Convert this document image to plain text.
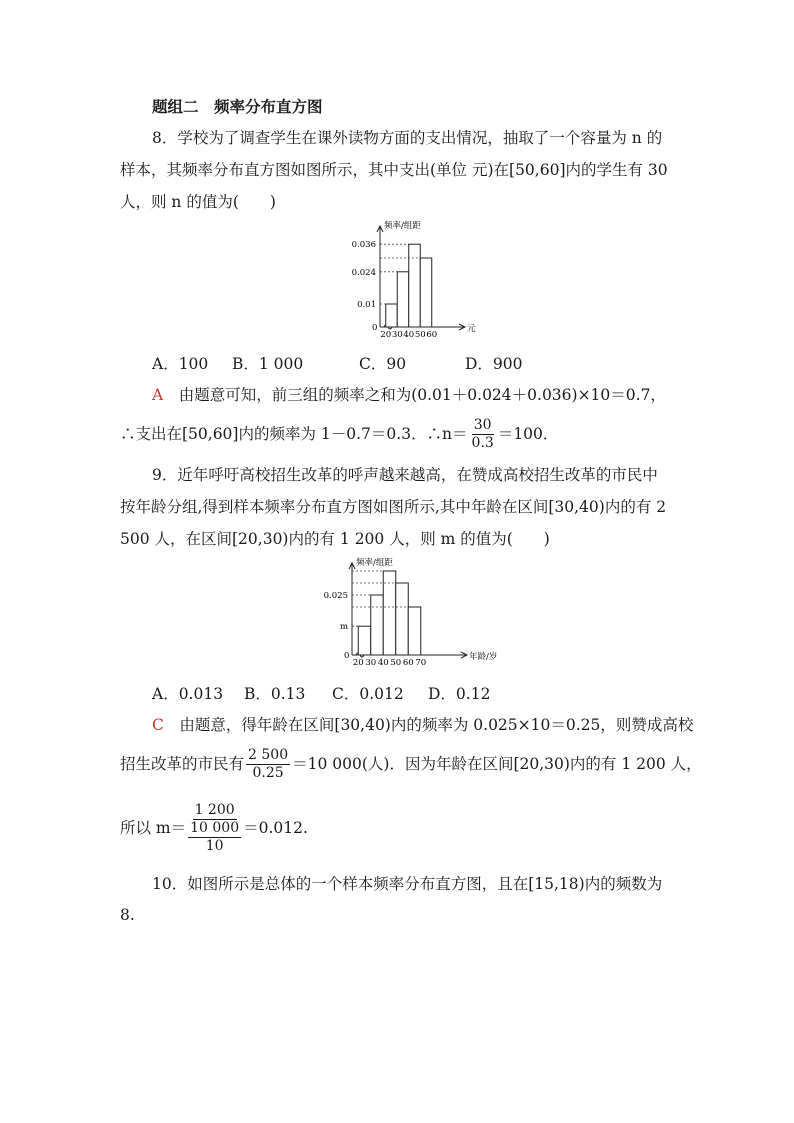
题组二　频率分布直方图
8．学校为了调查学生在课外读物方面的支出情况，抽取了一个容量为 n 的
样本，其频率分布直方图如图所示，其中支出(单位 元)在[50,60]内的学生有 30
人，则 n 的值为(　　)
频率/组距
元
0
20 30 40 50 60
0.036
0.024
0.01
A．100 B．1 000	C．90	D．900
A　 由题意可知，前三组的频率之和为(0.01＋0.024＋0.036)×10＝0.7，
∴支出在[50,60]内的频率为 1－0.7＝0.3．∴n＝ $\frac{30}{0.3} =100$．
9．近年呼吁高校招生改革的呼声越来越高，在赞成高校招生改革的市民中
按年龄分组,得到样本频率分布直方图如图所示,其中年龄在区间[30,40)内的有 2
500 人，在区间[20,30)内的有 1 200 人，则 m 的值为(　　)
频率/组距
年龄/岁
0
20 30 40 50 60 70
0.025
m
A．0.013 B．0.13 C．0.012 D．0.12
C　 由题意，得年龄在区间[30,40)内的频率为 0.025×10＝0.25，则赞成高校
招生改革的市民有 $\frac{2 500}{0.25} =10$ 000(人)．因为年龄在区间[20,30)内的有 1 200 人，
所以 m＝ 1 200
10 000
10 ＝0.012.
10．如图所示是总体的一个样本频率分布直方图，且在[15,18)内的频数为
8.
